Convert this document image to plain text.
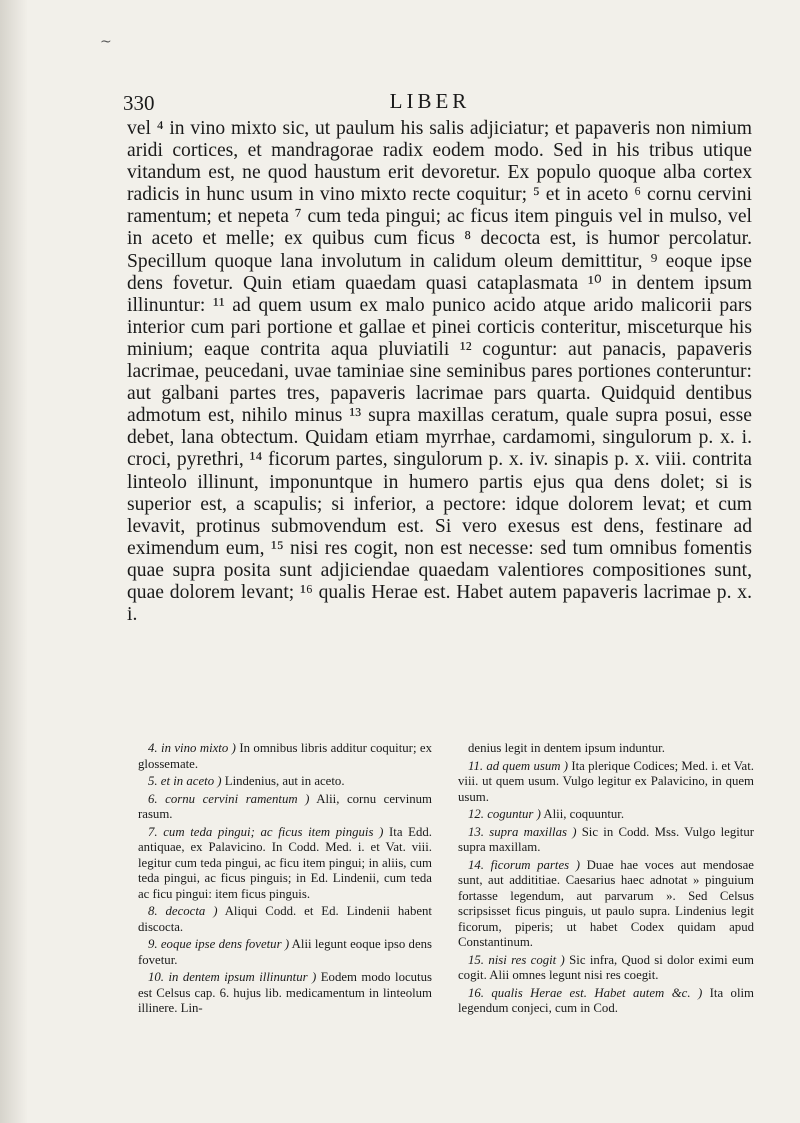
~
330	LIBER

vel ⁴ in vino mixto sic, ut paulum his salis adjiciatur; et papaveris non nimium aridi cortices, et mandragorae radix eodem modo. Sed in his tribus utique vitandum est, ne quod haustum erit devoretur. Ex populo quoque alba cortex radicis in hunc usum in vino mixto recte coquitur; ⁵ et in aceto ⁶ cornu cervini ramentum; et nepeta ⁷ cum teda pingui; ac ficus item pinguis vel in mulso, vel in aceto et melle; ex quibus cum ficus ⁸ decocta est, is humor percolatur. Specillum quoque lana involutum in calidum oleum demittitur, ⁹ eoque ipse dens fovetur. Quin etiam quaedam quasi cataplasmata ¹⁰ in dentem ipsum illinuntur: ¹¹ ad quem usum ex malo punico acido atque arido malicorii pars interior cum pari portione et gallae et pinei corticis conteritur, misceturque his minium; eaque contrita aqua pluviatili ¹² coguntur: aut panacis, papaveris lacrimae, peucedani, uvae taminiae sine seminibus pares portiones conteruntur: aut galbani partes tres, papaveris lacrimae pars quarta. Quidquid dentibus admotum est, nihilo minus ¹³ supra maxillas ceratum, quale supra posui, esse debet, lana obtectum. Quidam etiam myrrhae, cardamomi, singulorum p. x. i. croci, pyrethri, ¹⁴ ficorum partes, singulorum p. x. iv. sinapis p. x. viii. contrita linteolo illinunt, imponuntque in humero partis ejus qua dens dolet; si is superior est, a scapulis; si inferior, a pectore: idque dolorem levat; et cum levavit, protinus submovendum est. Si vero exesus est dens, festinare ad eximendum eum, ¹⁵ nisi res cogit, non est necesse: sed tum omnibus fomentis quae supra posita sunt adjiciendae quaedam valentiores compositiones sunt, quae dolorem levant; ¹⁶ qualis Herae est. Habet autem papaveris lacrimae p. x. i.

4. in vino mixto ) In omnibus libris additur coquitur; ex glossemate.

5. et in aceto ) Lindenius, aut in aceto.

6. cornu cervini ramentum ) Alii, cornu cervinum rasum.

7. cum teda pingui; ac ficus item pinguis ) Ita Edd. antiquae, ex Palavicino. In Codd. Med. i. et Vat. viii. legitur cum teda pingui, ac ficu item pingui; in aliis, cum teda pingui, ac ficus pinguis; in Ed. Lindenii, cum teda ac ficu pingui: item ficus pinguis.

8. decocta ) Aliqui Codd. et Ed. Lindenii habent discocta.

9. eoque ipse dens fovetur ) Alii legunt eoque ipso dens fovetur.

10. in dentem ipsum illinuntur ) Eodem modo locutus est Celsus cap. 6. hujus lib. medicamentum in linteolum illinere. Lin-

denius legit in dentem ipsum induntur.

11. ad quem usum ) Ita plerique Codices; Med. i. et Vat. viii. ut quem usum. Vulgo legitur ex Palavicino, in quem usum.

12. coguntur ) Alii, coquuntur.

13. supra maxillas ) Sic in Codd. Mss. Vulgo legitur supra maxillam.

14. ficorum partes ) Duae hae voces aut mendosae sunt, aut addititiae. Caesarius haec adnotat » pinguium fortasse legendum, aut parvarum ». Sed Celsus scripsisset ficus pinguis, ut paulo supra. Lindenius legit ficorum, piperis; ut habet Codex quidam apud Constantinum.

15. nisi res cogit ) Sic infra, Quod si dolor eximi eum cogit. Alii omnes legunt nisi res coegit.

16. qualis Herae est. Habet autem &c. ) Ita olim legendum conjeci, cum in Cod.
